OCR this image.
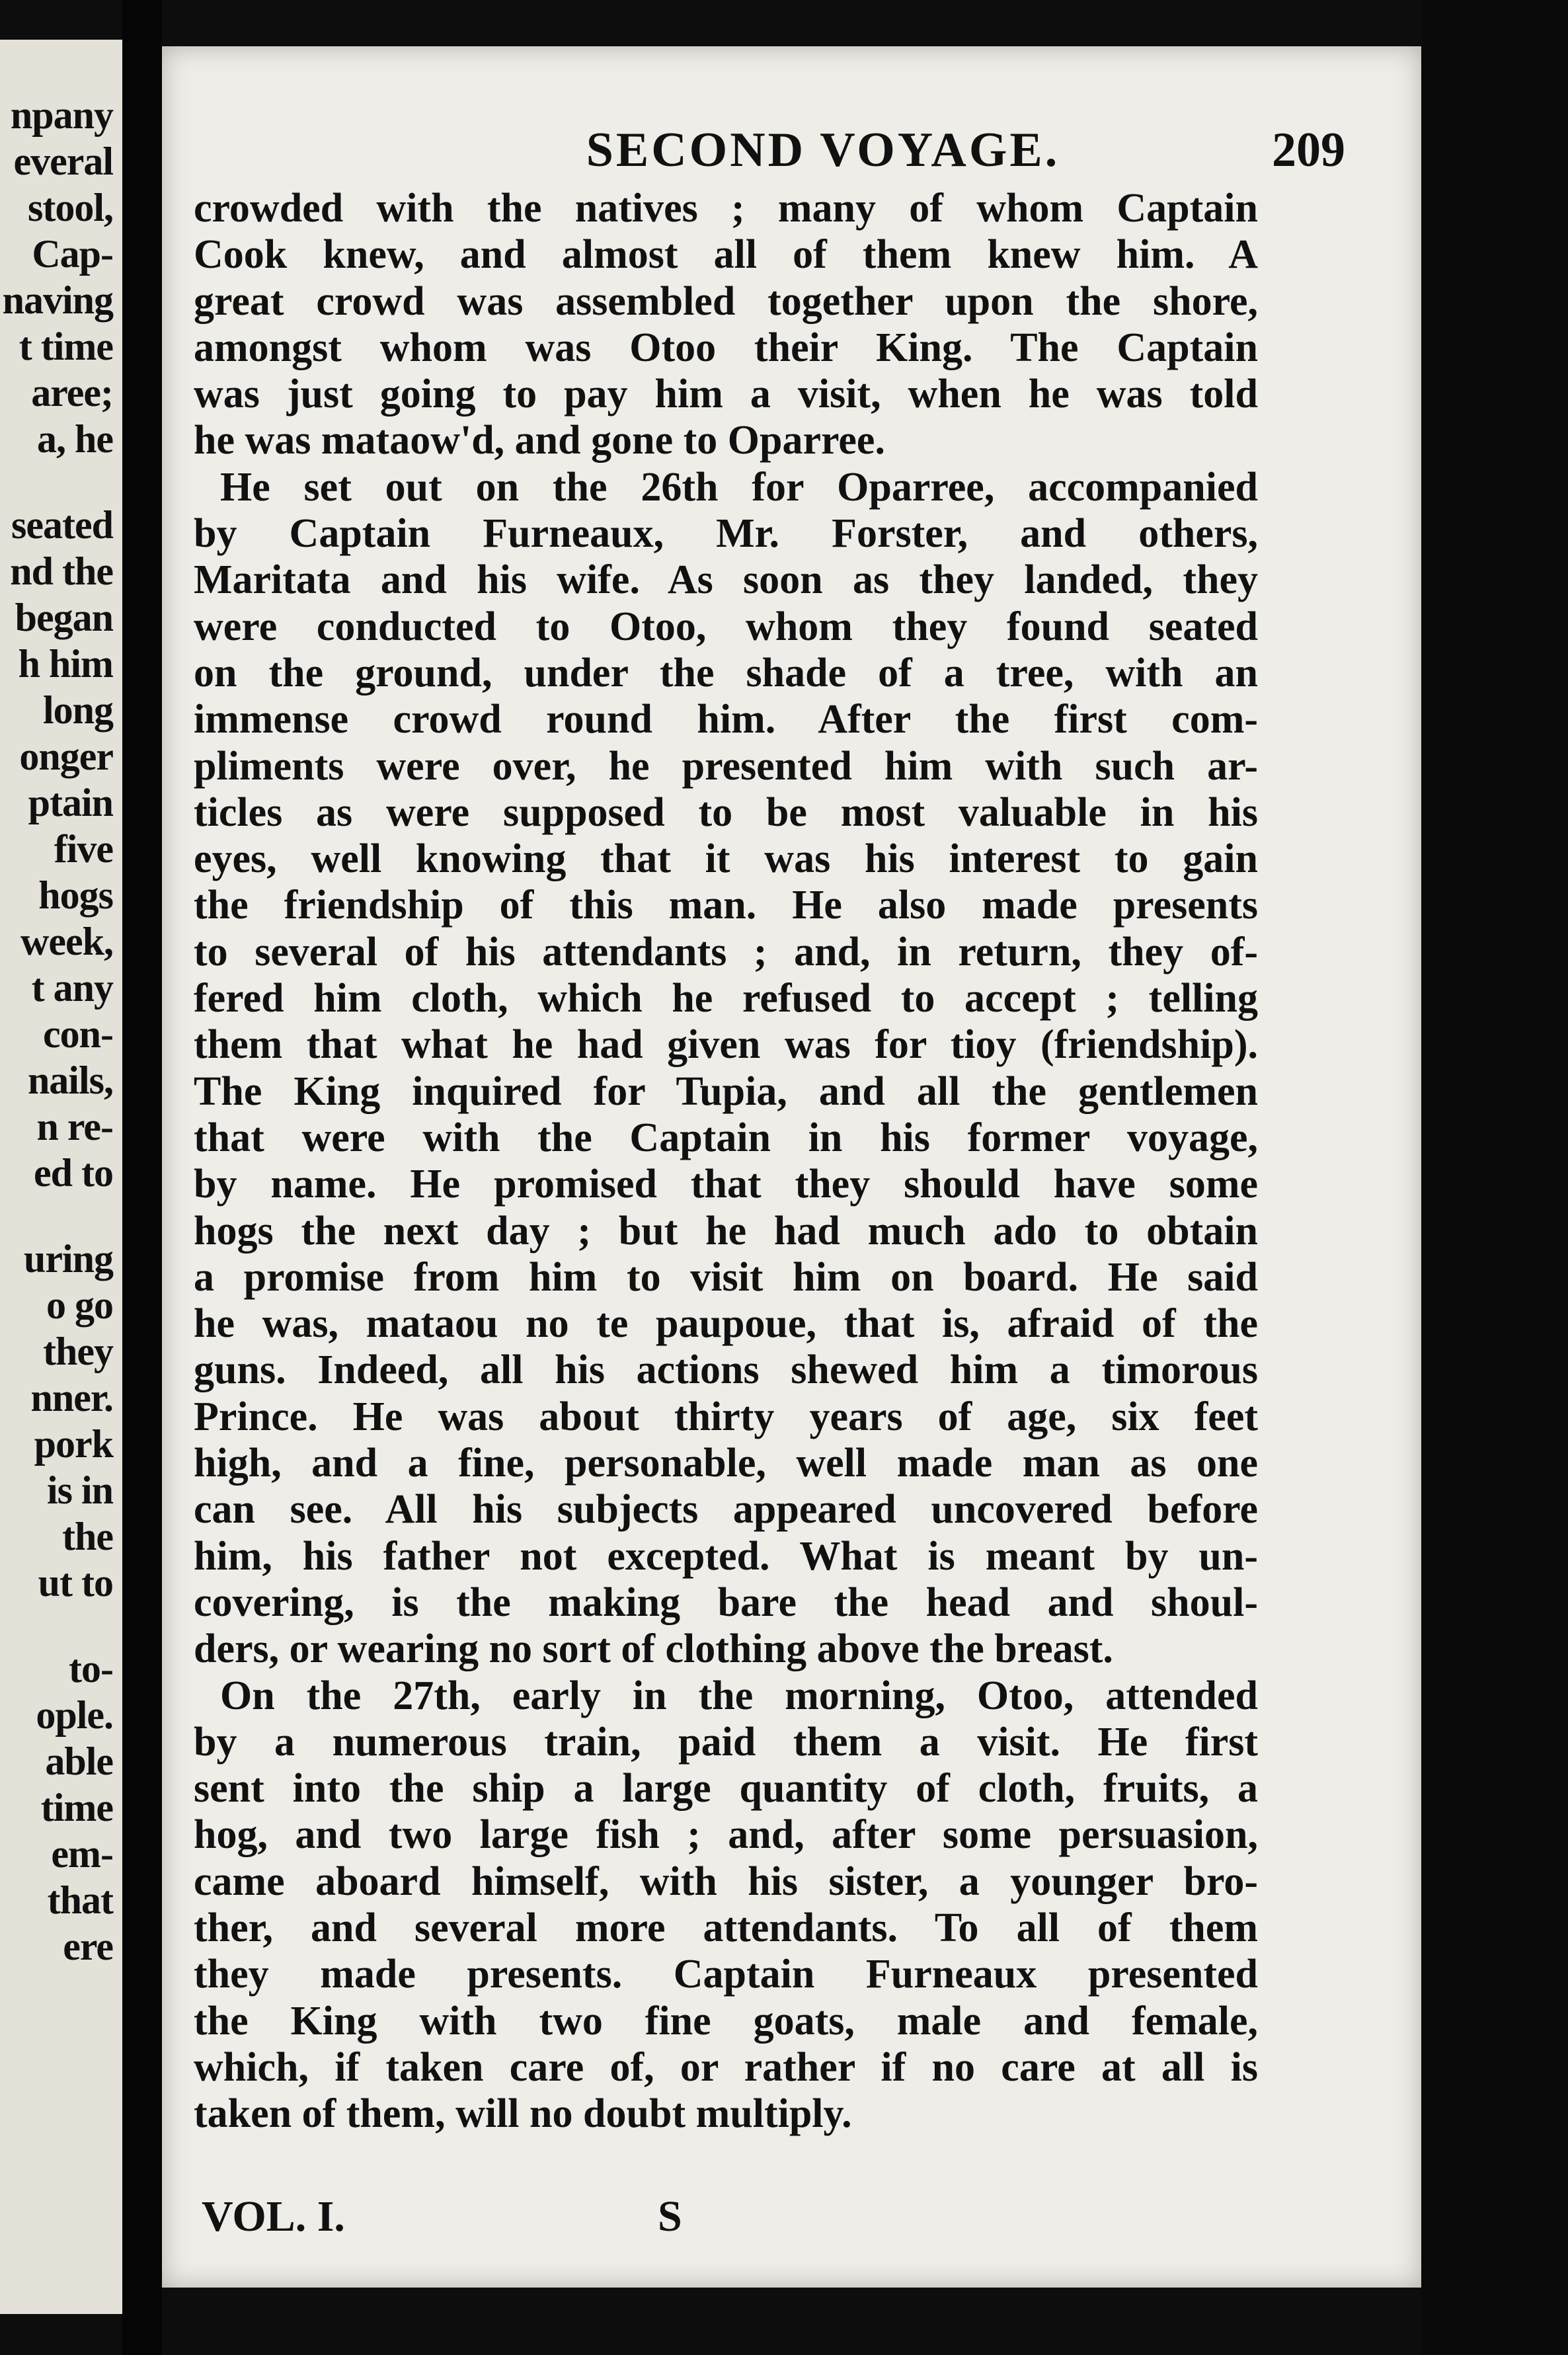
npany
everal
stool,
Cap-
naving
t time
aree;
a, he
seated
nd the
began
h him
long
onger
ptain
five
hogs
week,
t any
con-
nails,
n re-
ed to
uring
o go
they
nner.
pork
is in
the
ut to
to-
ople.
able
time
em-
that
ere
SECOND VOYAGE.	209
crowded with the natives ; many of whom Captain
Cook knew, and almost all of them knew him. A
great crowd was assembled together upon the shore,
amongst whom was Otoo their King. The Captain
was just going to pay him a visit, when he was told
he was mataow'd, and gone to Oparree.
He set out on the 26th for Oparree, accompanied
by Captain Furneaux, Mr. Forster, and others,
Maritata and his wife. As soon as they landed, they
were conducted to Otoo, whom they found seated
on the ground, under the shade of a tree, with an
immense crowd round him. After the first com-
pliments were over, he presented him with such ar-
ticles as were supposed to be most valuable in his
eyes, well knowing that it was his interest to gain
the friendship of this man. He also made presents
to several of his attendants ; and, in return, they of-
fered him cloth, which he refused to accept ; telling
them that what he had given was for tioy (friendship).
The King inquired for Tupia, and all the gentlemen
that were with the Captain in his former voyage,
by name. He promised that they should have some
hogs the next day ; but he had much ado to obtain
a promise from him to visit him on board. He said
he was, mataou no te paupoue, that is, afraid of the
guns. Indeed, all his actions shewed him a timorous
Prince. He was about thirty years of age, six feet
high, and a fine, personable, well made man as one
can see. All his subjects appeared uncovered before
him, his father not excepted. What is meant by un-
covering, is the making bare the head and shoul-
ders, or wearing no sort of clothing above the breast.
On the 27th, early in the morning, Otoo, attended
by a numerous train, paid them a visit. He first
sent into the ship a large quantity of cloth, fruits, a
hog, and two large fish ; and, after some persuasion,
came aboard himself, with his sister, a younger bro-
ther, and several more attendants. To all of them
they made presents. Captain Furneaux presented
the King with two fine goats, male and female,
which, if taken care of, or rather if no care at all is
taken of them, will no doubt multiply.
VOL. I.	S
